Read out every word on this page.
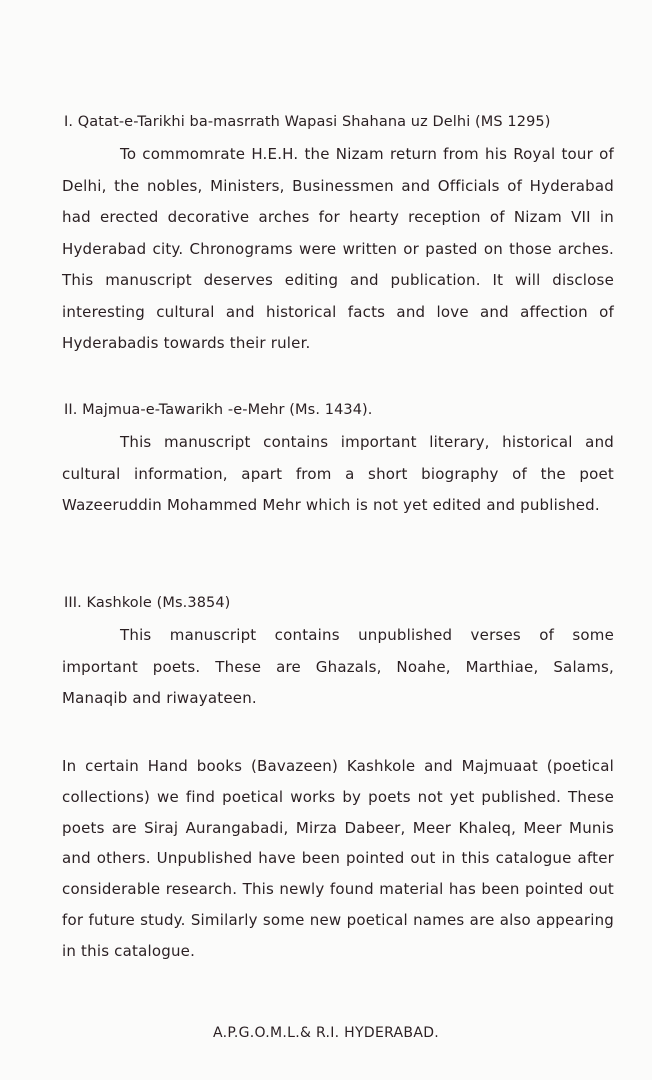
I. Qatat-e-Tarikhi ba-masrrath Wapasi Shahana uz Delhi (MS 1295)
To commomrate H.E.H. the Nizam return from his Royal tour of Delhi, the nobles, Ministers, Businessmen and Officials of Hyderabad had erected decorative arches for hearty reception of Nizam VII in Hyderabad city. Chronograms were written or pasted on those arches. This manuscript deserves editing and publication. It will disclose interesting cultural and historical facts and love and affection of Hyderabadis towards their ruler.
II. Majmua-e-Tawarikh -e-Mehr (Ms. 1434).
This manuscript contains important literary, historical and cultural information, apart from a short biography of the poet Wazeeruddin Mohammed Mehr which is not yet edited and published.
III. Kashkole (Ms.3854)
This manuscript contains unpublished verses of some important poets. These are Ghazals, Noahe, Marthiae, Salams, Manaqib and riwayateen.
In certain Hand books (Bavazeen) Kashkole and Majmuaat (poetical collections) we find poetical works by poets not yet published. These poets are Siraj Aurangabadi, Mirza Dabeer, Meer Khaleq, Meer Munis and others. Unpublished have been pointed out in this catalogue after considerable research. This newly found material has been pointed out for future study. Similarly some new poetical names are also appearing in this catalogue.
A.P.G.O.M.L.& R.I. HYDERABAD.
